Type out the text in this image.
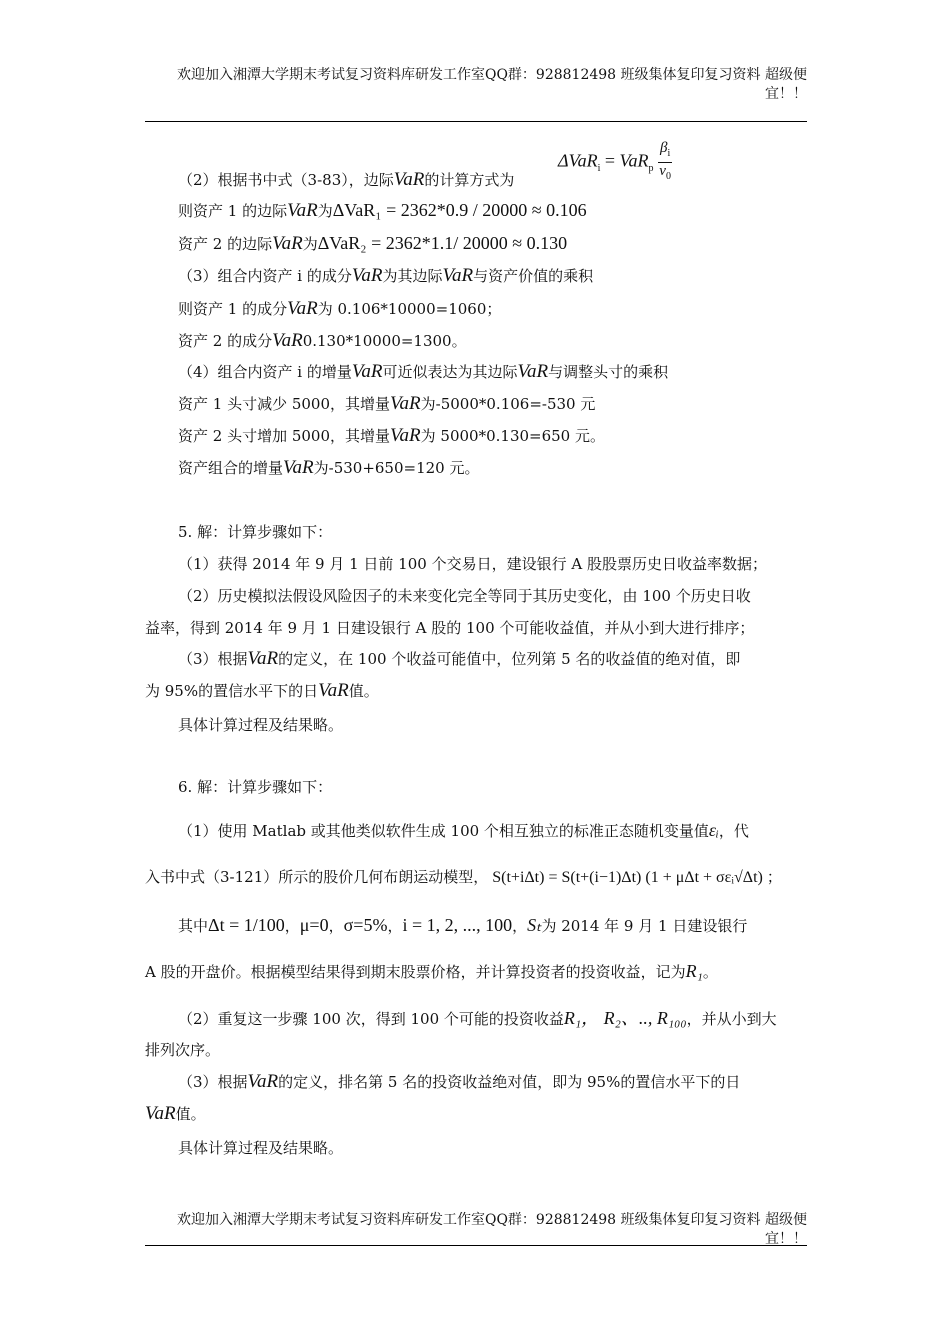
欢迎加入湘潭大学期末考试复习资料库研发工作室QQ群：928812498 班级集体复印复习资料 超级便宜！！
$\Delta VaR_i = VaR_p \frac{\beta_i}{v_0}$
（2）根据书中式（3-83），边际VaR的计算方式为
则资产 1 的边际VaR为ΔVaR₁ = 2362*0.9 / 20000 ≈ 0.106
资产 2 的边际VaR为ΔVaR₂ = 2362*1.1/ 20000 ≈ 0.130
（3）组合内资产 i 的成分VaR为其边际VaR与资产价值的乘积
则资产 1 的成分VaR为 0.106*10000=1060；
资产 2 的成分VaR0.130*10000=1300。
（4）组合内资产 i 的增量VaR可近似表达为其边际VaR与调整头寸的乘积
资产 1 头寸减少 5000，其增量VaR为-5000*0.106=-530 元
资产 2 头寸增加 5000，其增量VaR为 5000*0.130=650 元。
资产组合的增量VaR为-530+650=120 元。
5. 解：计算步骤如下：
（1）获得 2014 年 9 月 1 日前 100 个交易日，建设银行 A 股股票历史日收益率数据；
（2）历史模拟法假设风险因子的未来变化完全等同于其历史变化，由 100 个历史日收
益率，得到 2014 年 9 月 1 日建设银行 A 股的 100 个可能收益值，并从小到大进行排序；
（3）根据VaR的定义，在 100 个收益可能值中，位列第 5 名的收益值的绝对值，即
为 95%的置信水平下的日VaR值。
具体计算过程及结果略。
6. 解：计算步骤如下：
（1）使用 Matlab 或其他类似软件生成 100 个相互独立的标准正态随机变量值εᵢ，代
入书中式（3-121）所示的股价几何布朗运动模型， S(t+iΔt) = S(t+(i−1)Δt) (1 + μΔt + σεᵢ√Δt) ；
其中Δt = 1/100，μ=0，σ=5%，i = 1, 2, ..., 100，Sₜ为 2014 年 9 月 1 日建设银行
A 股的开盘价。根据模型结果得到期末股票价格，并计算投资者的投资收益，记为R₁。
（2）重复这一步骤 100 次，得到 100 个可能的投资收益R₁， R₂、.., R₁₀₀，并从小到大
排列次序。
（3）根据VaR的定义，排名第 5 名的投资收益绝对值，即为 95%的置信水平下的日
VaR值。
具体计算过程及结果略。
欢迎加入湘潭大学期末考试复习资料库研发工作室QQ群：928812498 班级集体复印复习资料 超级便宜！！
